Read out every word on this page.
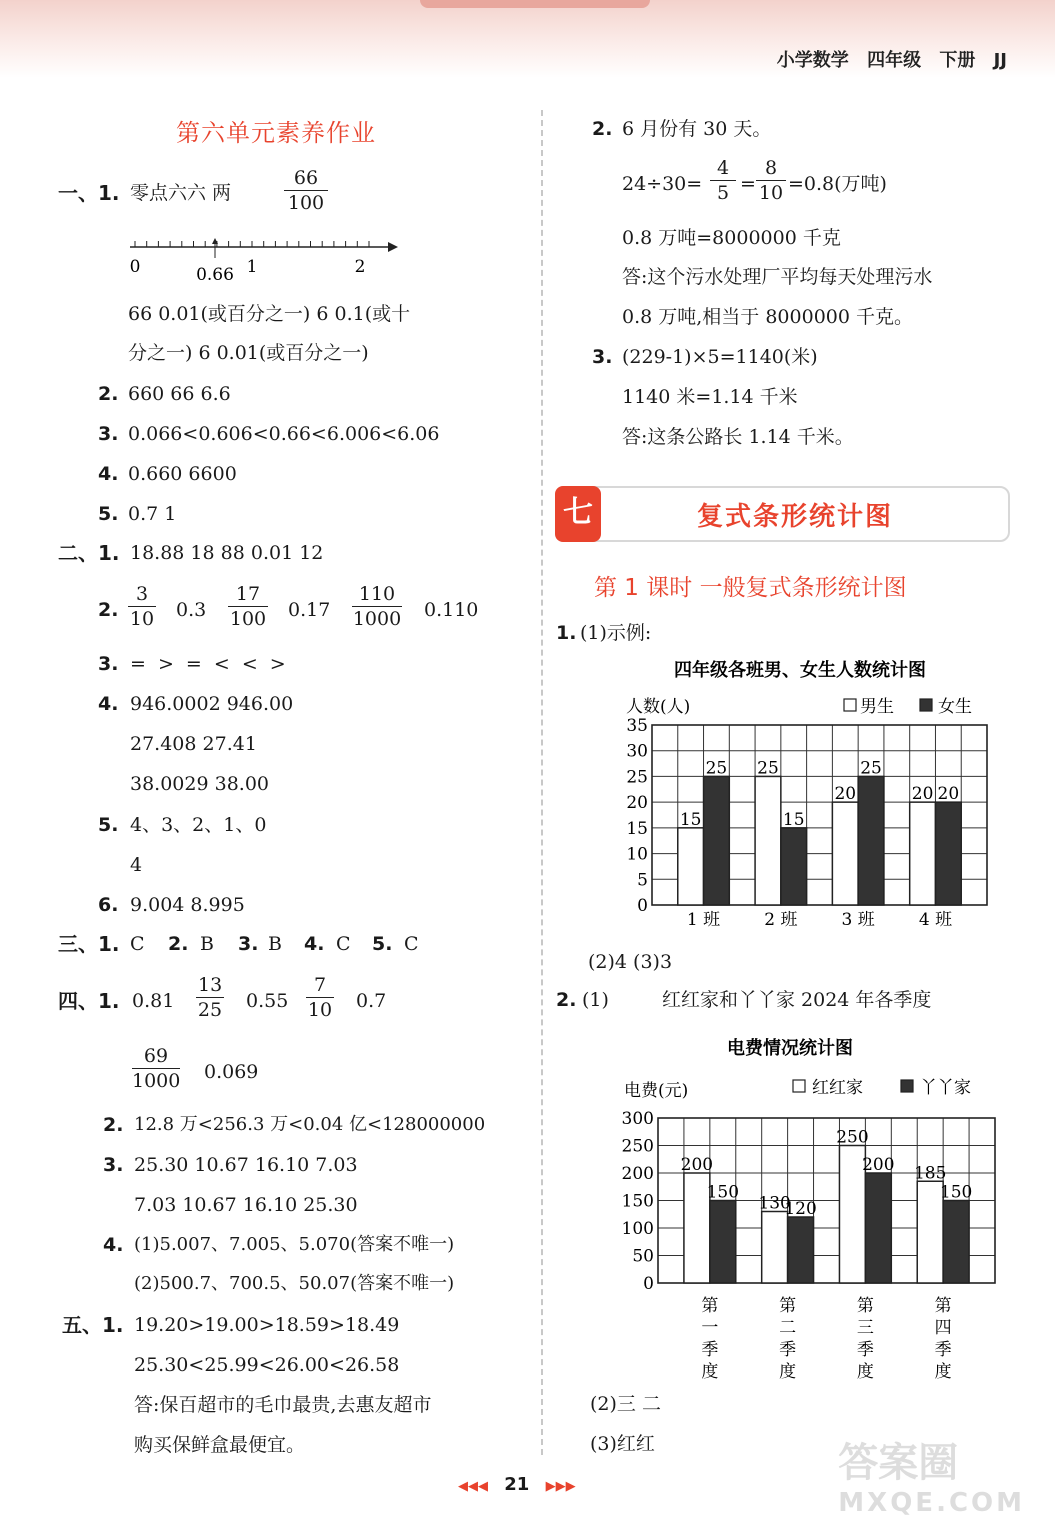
小学数学 四年级 下册 JJ
第六单元素养作业
一、1. 零点六六 两	$\frac{66}{100}$
0	0.66 1	2
66 0.01(或百分之一) 6 0.1(或十
分之一) 6 0.01(或百分之一)
2. 660 66 6.6
3. 0.066<0.606<0.66<6.006<6.06
4. 0.660 6600
5. 0.7 1
二、1. 18.88 18 88 0.01 12
2. $\frac{3}{10} 0.3 \frac{17}{100} 0.17 \frac{110}{1000} 0.110$
3. = > = < < >
4. 946.0002 946.00
27.408 27.41
38.0029 38.00
5. 4、3、2、1、0
4
6. 9.004 8.995
三、1. C 2. B 3. B 4. C 5. C
四、1. $0.81 \frac{13}{25} 0.55 \frac{7}{10} 0.7$
$\frac{69}{1000} 0.069$
2. 12.8 万<256.3 万<0.04 亿<128000000
3. 25.30 10.67 16.10 7.03
7.03 10.67 16.10 25.30
4. (1)5.007、7.005、5.070(答案不唯一)
(2)500.7、700.5、50.07(答案不唯一)
五、1. 19.20>19.00>18.59>18.49
25.30<25.99<26.00<26.58
答:保百超市的毛巾最贵,去惠友超市
购买保鲜盒最便宜。
2. 6 月份有 30 天。
$24\div 30= \frac{4}{5} = \frac{8}{10} =0.8$(万吨)
0.8 万吨=8000000 千克
答:这个污水处理厂平均每天处理污水
0.8 万吨,相当于 8000000 千克。
3. (229-1)×5=1140(米)
1140 米=1.14 千米
答:这条公路长 1.14 千米。
七	复式条形统计图
第 1 课时 一般复式条形统计图
1. (1)示例:
四年级各班男、女生人数统计图
人数(人)	男生	女生
15
25 25
15
20
25
20 20
0
5
10
15
20
25
30
35
1 班	2 班	3 班	4 班
(2)4 (3)3
2. (1)	红红家和丫丫家 2024 年各季度
电费情况统计图
电费(元)	红红家	丫丫家
200
150
130
120
250
200 185
150
0
50
100
150
200
250
300
第
一
季
度
第
二
季
度
第
三
季
度
第
四
季
度
(2)三 二
(3)红红
◀◀◀ 21 ▶▶▶
答案圈
MXQE.COM
